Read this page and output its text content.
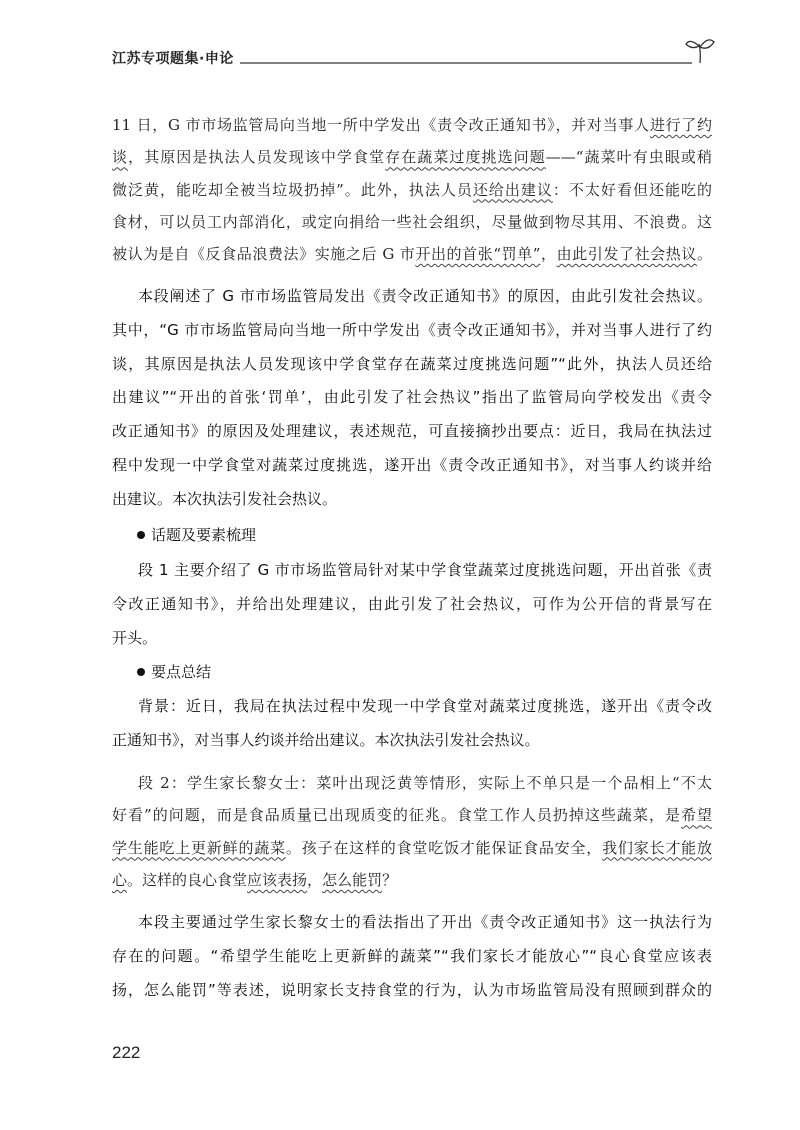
江苏专项题集·申论
11 日，G 市市场监管局向当地一所中学发出《责令改正通知书》，并对当事人进行了约
谈，其原因是执法人员发现该中学食堂存在蔬菜过度挑选问题——“蔬菜叶有虫眼或稍
微泛黄，能吃却全被当垃圾扔掉”。此外，执法人员还给出建议：不太好看但还能吃的
食材，可以员工内部消化，或定向捐给一些社会组织，尽量做到物尽其用、不浪费。这
被认为是自《反食品浪费法》实施之后 G 市开出的首张“罚单”，由此引发了社会热议。
本段阐述了 G 市市场监管局发出《责令改正通知书》的原因，由此引发社会热议。
其中，“G 市市场监管局向当地一所中学发出《责令改正通知书》，并对当事人进行了约
谈，其原因是执法人员发现该中学食堂存在蔬菜过度挑选问题”“此外，执法人员还给
出建议”“开出的首张‘罚单’，由此引发了社会热议”指出了监管局向学校发出《责令
改正通知书》的原因及处理建议，表述规范，可直接摘抄出要点：近日，我局在执法过
程中发现一中学食堂对蔬菜过度挑选，遂开出《责令改正通知书》，对当事人约谈并给
出建议。本次执法引发社会热议。
话题及要素梳理
段 1 主要介绍了 G 市市场监管局针对某中学食堂蔬菜过度挑选问题，开出首张《责
令改正通知书》，并给出处理建议，由此引发了社会热议，可作为公开信的背景写在
开头。
要点总结
背景：近日，我局在执法过程中发现一中学食堂对蔬菜过度挑选，遂开出《责令改
正通知书》，对当事人约谈并给出建议。本次执法引发社会热议。
段 2：学生家长黎女士：菜叶出现泛黄等情形，实际上不单只是一个品相上“不太
好看”的问题，而是食品质量已出现质变的征兆。食堂工作人员扔掉这些蔬菜，是希望
学生能吃上更新鲜的蔬菜。孩子在这样的食堂吃饭才能保证食品安全，我们家长才能放
心。这样的良心食堂应该表扬，怎么能罚？
本段主要通过学生家长黎女士的看法指出了开出《责令改正通知书》这一执法行为
存在的问题。“希望学生能吃上更新鲜的蔬菜”“我们家长才能放心”“良心食堂应该表
扬，怎么能罚”等表述，说明家长支持食堂的行为，认为市场监管局没有照顾到群众的
222
